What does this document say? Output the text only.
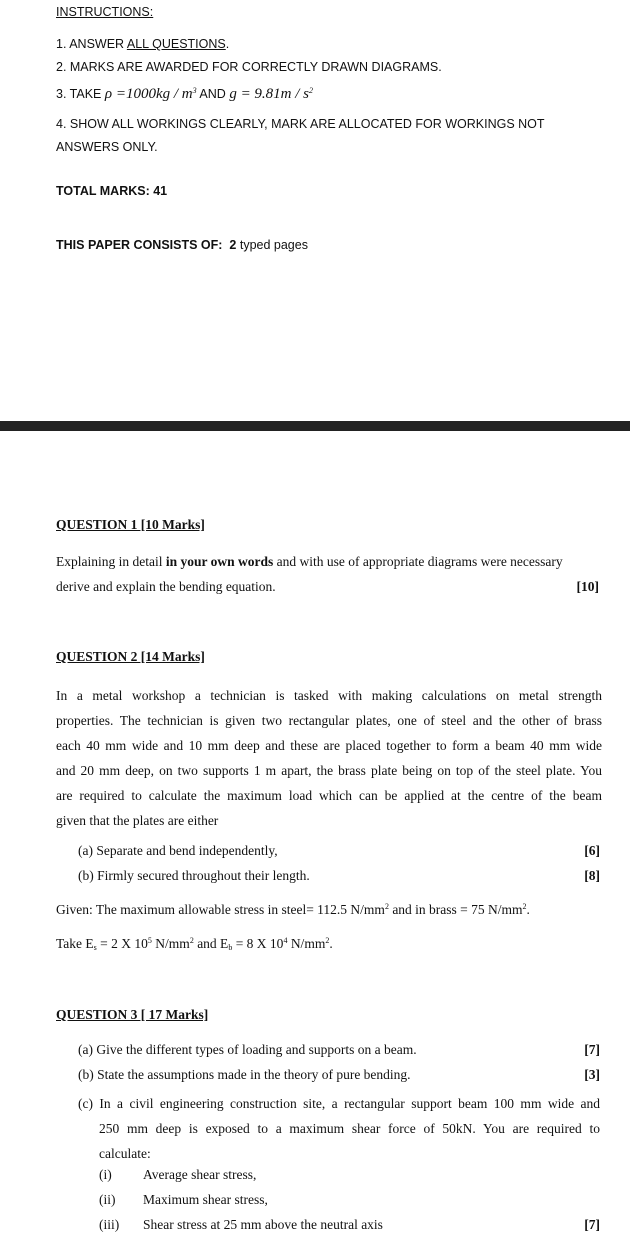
INSTRUCTIONS:
1. ANSWER ALL QUESTIONS.
2. MARKS ARE AWARDED FOR CORRECTLY DRAWN DIAGRAMS.
3. TAKE $\rho =1000kg / m^3$ AND $g = 9.81m / s^2$
4. SHOW ALL WORKINGS CLEARLY, MARK ARE ALLOCATED FOR WORKINGS NOT
ANSWERS ONLY.
TOTAL MARKS: 41
THIS PAPER CONSISTS OF: 2 typed pages
QUESTION 1 [10 Marks]
Explaining in detail in your own words and with use of appropriate diagrams were necessary
derive and explain the bending equation.	[10]
QUESTION 2 [14 Marks]
In a metal workshop a technician is tasked with making calculations on metal strength
properties. The technician is given two rectangular plates, one of steel and the other of brass
each 40 mm wide and 10 mm deep and these are placed together to form a beam 40 mm wide
and 20 mm deep, on two supports 1 m apart, the brass plate being on top of the steel plate. You
are required to calculate the maximum load which can be applied at the centre of the beam
given that the plates are either
(a) Separate and bend independently,	[6]
(b) Firmly secured throughout their length.	[8]
Given: The maximum allowable stress in steel= 112.5 $N/mm^2$ and in brass = 75 $N/mm^2$.
Take $E_s = 2$ X $10^5$ $N/mm^2$ and $E_b = 8$ X $10^4$ $N/mm^2$.
QUESTION 3 [ 17 Marks]
(a) Give the different types of loading and supports on a beam.	[7]
(b) State the assumptions made in the theory of pure bending.	[3]
(c) In a civil engineering construction site, a rectangular support beam 100 mm wide and
250 mm deep is exposed to a maximum shear force of 50kN. You are required to
calculate:
(i) Average shear stress,
(ii) Maximum shear stress,
(iii) Shear stress at 25 mm above the neutral axis	[7]
